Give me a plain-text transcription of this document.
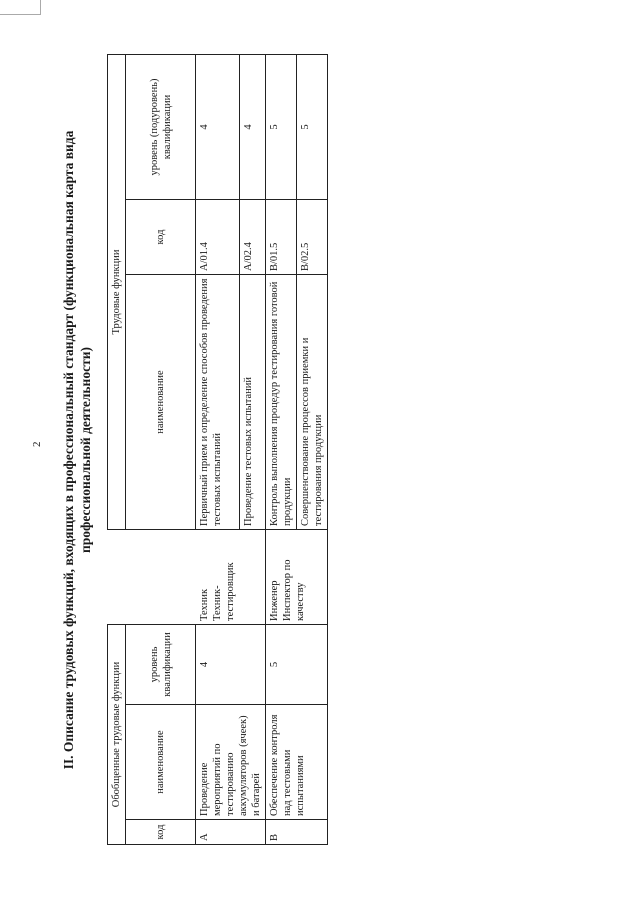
2 II. Описание трудовых функций, входящих в профессиональный стандарт (функциональная карта вида профессиональной деятельности)
Обобщенные трудовые функции				Трудовые функции		
код	наименование	уровень квалификации		наименование	код	уровень (подуровень) квалификации
А	Проведение мероприятий по тестированию аккумуляторов (ячеек) и батарей	4	Техник Техник-тестировщик	Первичный прием и определение способов проведения тестовых испытаний	А/01.4	4
				Проведение тестовых испытаний	А/02.4	4
В	Обеспечение контроля над тестовыми испытаниями	5	Инженер Инспектор по качеству	Контроль выполнения процедур тестирования готовой продукции	В/01.5	5
				Совершенствование процессов приемки и тестирования продукции	В/02.5	5
